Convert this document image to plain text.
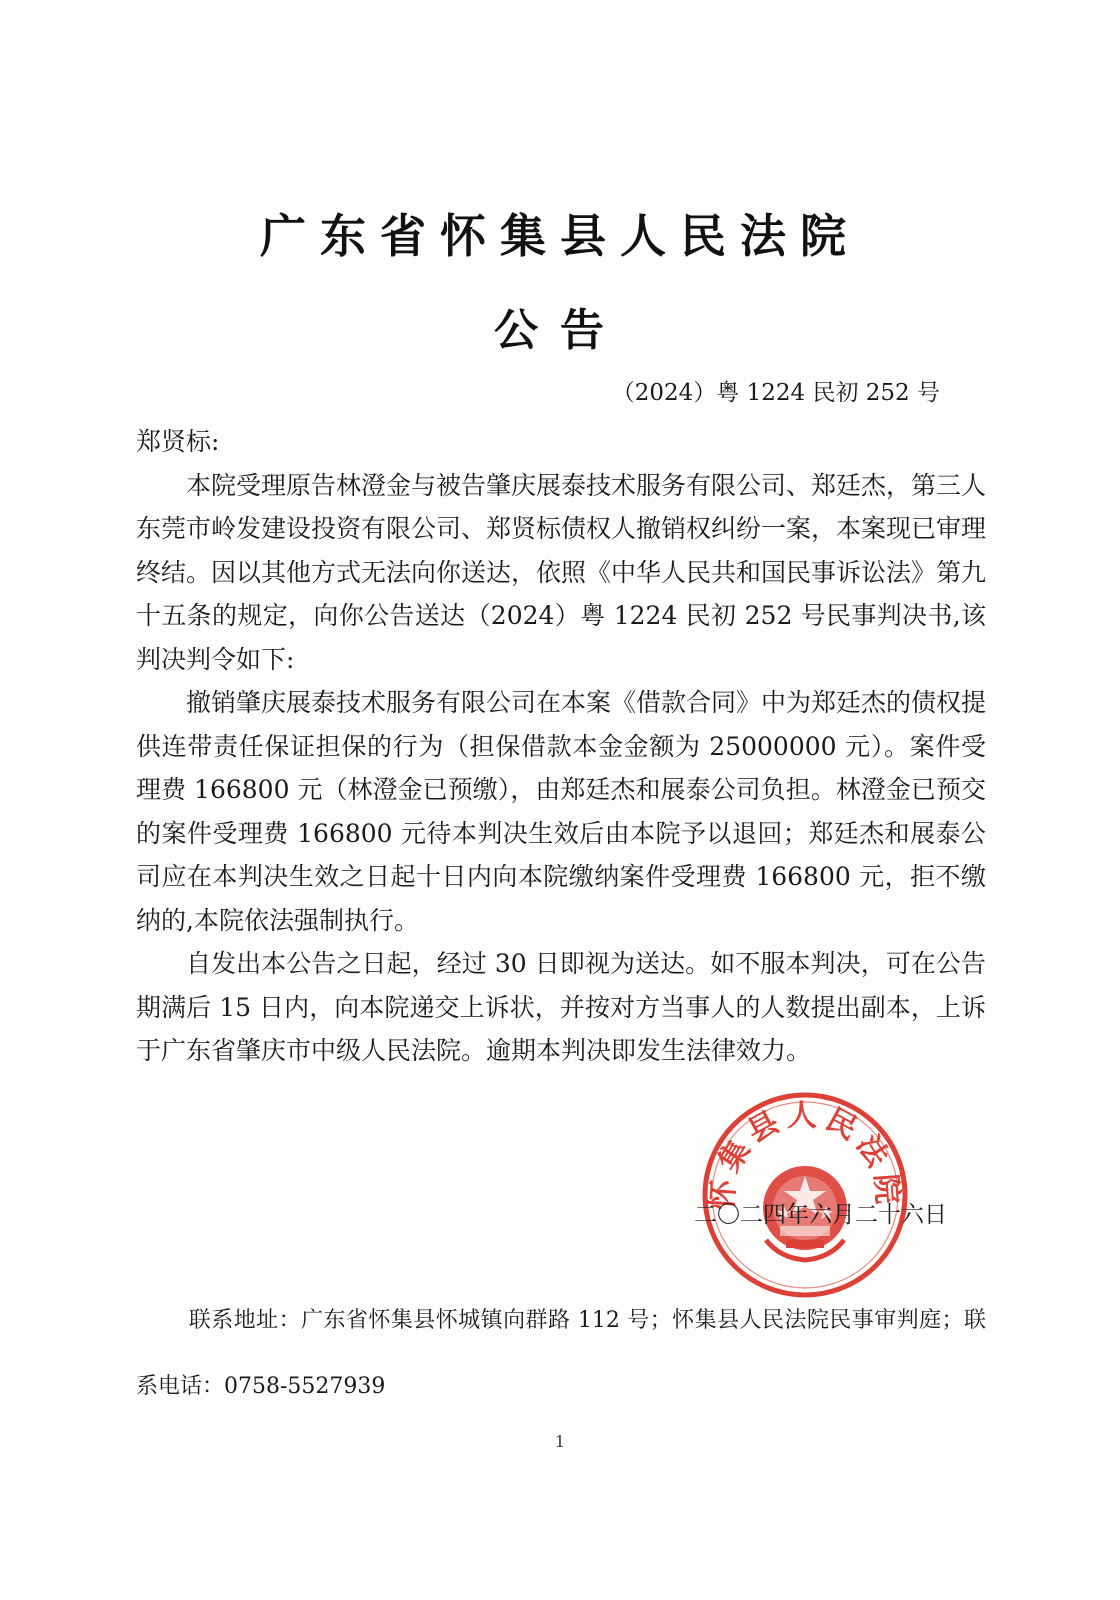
广东省怀集县人民法院
公告
（2024）粤 1224 民初 252 号

郑贤标:

本院受理原告林澄金与被告肇庆展泰技术服务有限公司、郑廷杰，第三人东莞市岭发建设投资有限公司、郑贤标债权人撤销权纠纷一案，本案现已审理终结。因以其他方式无法向你送达，依照《中华人民共和国民事诉讼法》第九十五条的规定，向你公告送达（2024）粤 1224 民初 252 号民事判决书,该判决判令如下:

撤销肇庆展泰技术服务有限公司在本案《借款合同》中为郑廷杰的债权提供连带责任保证担保的行为（担保借款本金金额为 25000000 元）。案件受理费 166800 元（林澄金已预缴），由郑廷杰和展泰公司负担。林澄金已预交的案件受理费 166800 元待本判决生效后由本院予以退回；郑廷杰和展泰公司应在本判决生效之日起十日内向本院缴纳案件受理费 166800 元，拒不缴纳的,本院依法强制执行。

自发出本公告之日起，经过 30 日即视为送达。如不服本判决，可在公告期满后 15 日内，向本院递交上诉状，并按对方当事人的人数提出副本，上诉于广东省肇庆市中级人民法院。逾期本判决即发生法律效力。

怀集县人民法院
二〇二四年六月二十六日
联系地址：广东省怀集县怀城镇向群路 112 号；怀集县人民法院民事审判庭；联系电话：0758-5527939
1
